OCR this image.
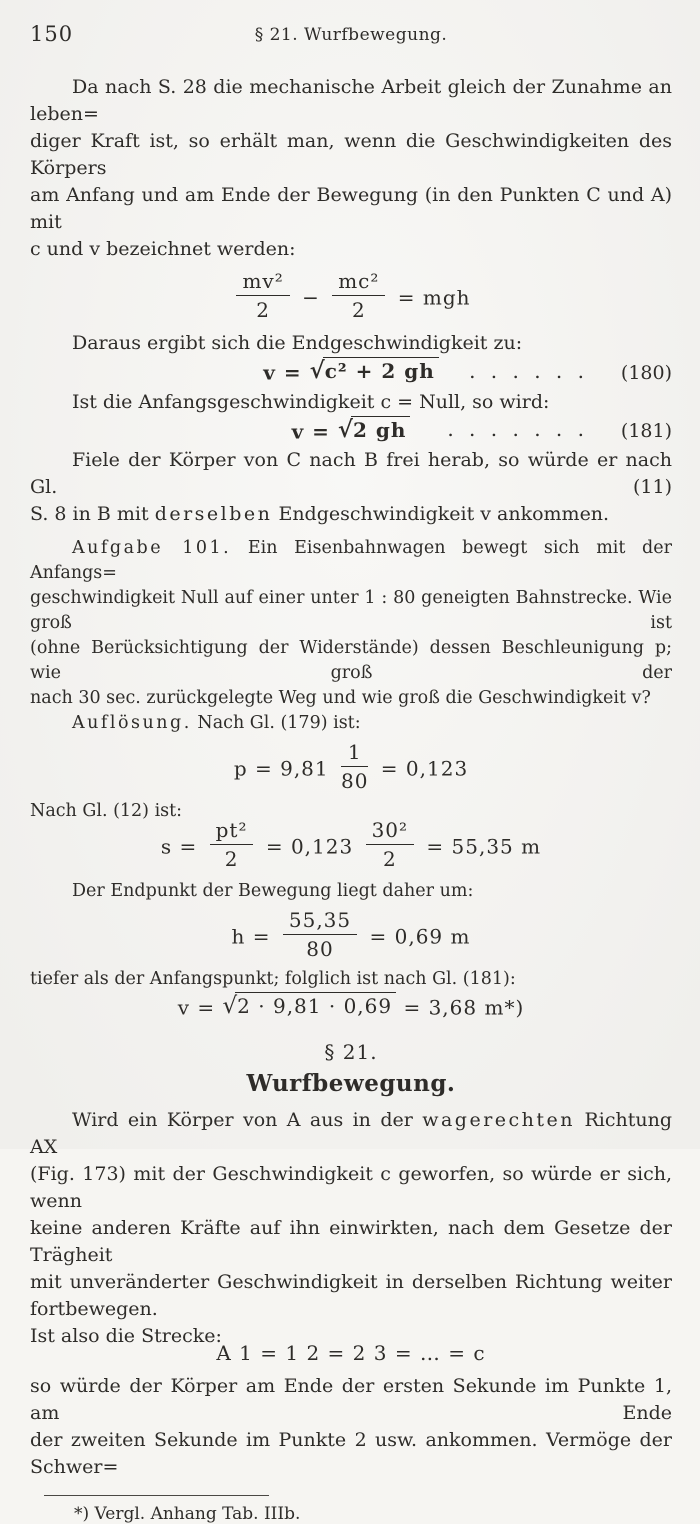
150	§ 21. Wurfbewegung.
Da nach S. 28 die mechanische Arbeit gleich der Zunahme an leben=
diger Kraft ist, so erhält man, wenn die Geschwindigkeiten des Körpers
am Anfang und am Ende der Bewegung (in den Punkten C und A) mit
c und v bezeichnet werden:
$\frac{\text{mv²}}{2} - \frac{\text{mc²}}{2}$ = mgh
Daraus ergibt sich die Endgeschwindigkeit zu:
v = √c² + 2 gh . . . . . . (180)
Ist die Anfangsgeschwindigkeit c = Null, so wird:
v = √2 gh . . . . . . . (181)
Fiele der Körper von C nach B frei herab, so würde er nach Gl. (11)
S. 8 in B mit derselben Endgeschwindigkeit v ankommen.
Aufgabe 101. Ein Eisenbahnwagen bewegt sich mit der Anfangs=
geschwindigkeit Null auf einer unter 1 : 80 geneigten Bahnstrecke. Wie groß ist
(ohne Berücksichtigung der Widerstände) dessen Beschleunigung p; wie groß der
nach 30 sec. zurückgelegte Weg und wie groß die Geschwindigkeit v?
Auflösung. Nach Gl. (179) ist:
$p = 9,81 \frac{1}{80} = 0,123$
Nach Gl. (12) ist:
$s = \frac{\text{pt²}}{2} = 0,123 \frac{\text{30²}}{2} = 55,35$ m
Der Endpunkt der Bewegung liegt daher um:
$h = \frac{55,35}{80} = 0,69$ m
tiefer als der Anfangspunkt; folglich ist nach Gl. (181):
v = √2 · 9,81 · 0,69 = 3,68 m*)
§ 21.
Wurfbewegung.
Wird ein Körper von A aus in der wagerechten Richtung AX
(Fig. 173) mit der Geschwindigkeit c geworfen, so würde er sich, wenn
keine anderen Kräfte auf ihn einwirkten, nach dem Gesetze der Trägheit
mit unveränderter Geschwindigkeit in derselben Richtung weiter fortbewegen.
Ist also die Strecke:
A 1 = 1 2 = 2 3 = … = c
so würde der Körper am Ende der ersten Sekunde im Punkte 1, am Ende
der zweiten Sekunde im Punkte 2 usw. ankommen. Vermöge der Schwer=
*) Vergl. Anhang Tab. IIIb.
